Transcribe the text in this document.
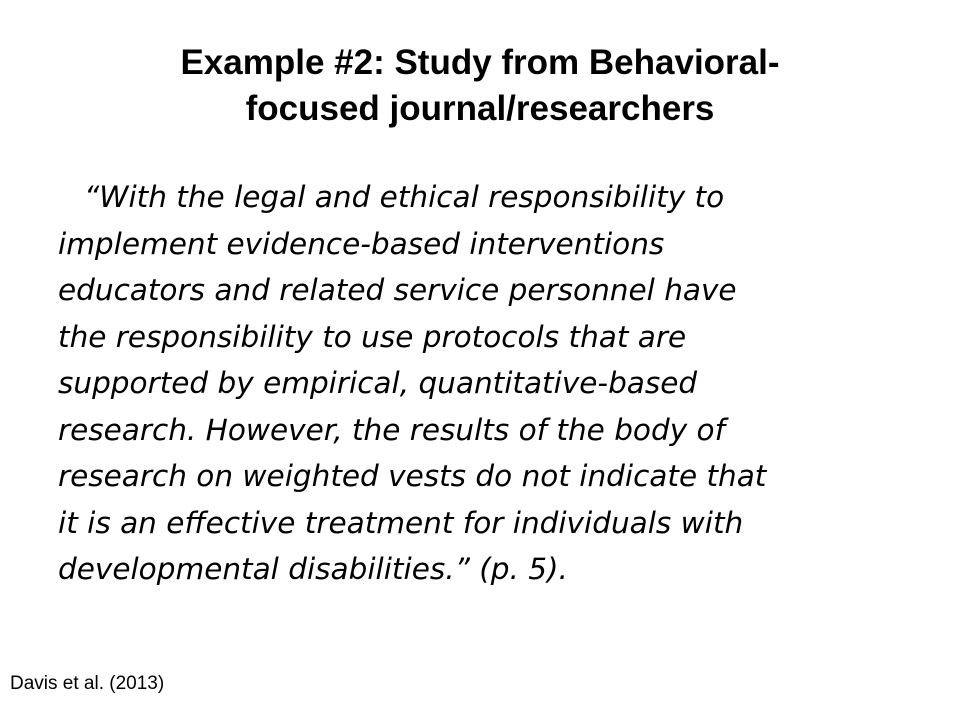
Example #2: Study from Behavioral-
focused journal/researchers
“With the legal and ethical responsibility to
implement evidence-based interventions
educators and related service personnel have
the responsibility to use protocols that are
supported by empirical, quantitative-based
research. However, the results of the body of
research on weighted vests do not indicate that
it is an effective treatment for individuals with
developmental disabilities.” (p. 5).
Davis et al. (2013)
